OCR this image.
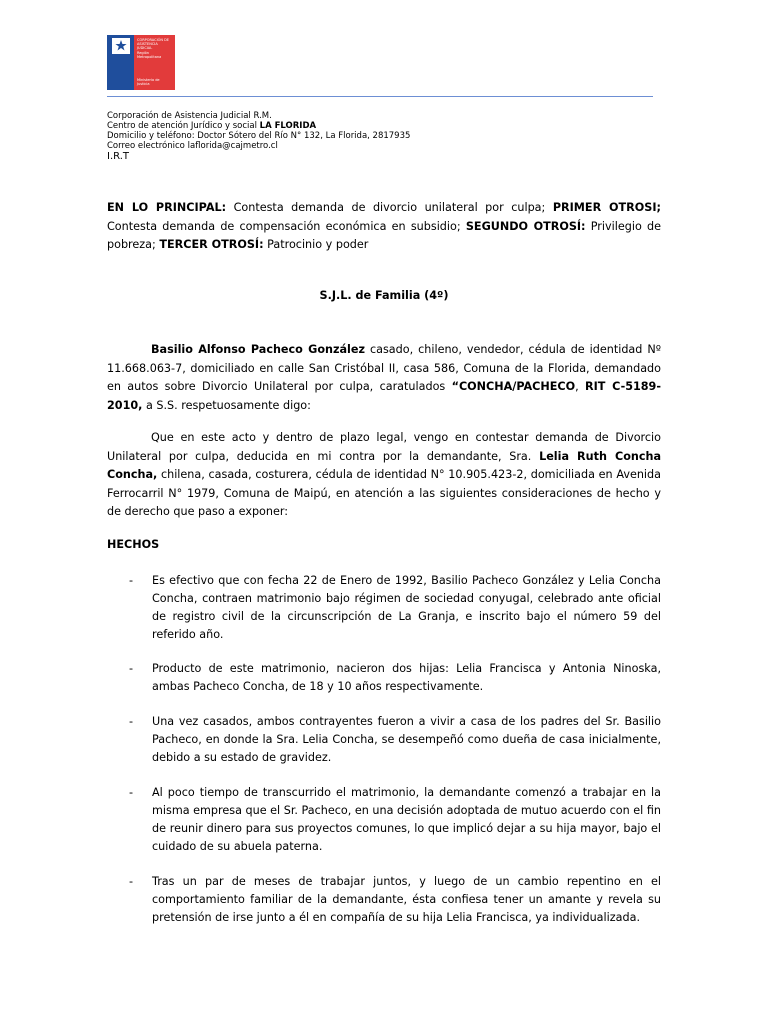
CORPORACIÓN DE ASISTENCIA JUDICIAL
Región Metropolitana
Ministerio de Justicia
Corporación de Asistencia Judicial R.M.
Centro de atención Jurídico y social LA FLORIDA
Domicilio y teléfono: Doctor Sótero del Río N° 132, La Florida, 2817935
Correo electrónico laflorida@cajmetro.cl
I.R.T
EN LO PRINCIPAL: Contesta demanda de divorcio unilateral por culpa; PRIMER OTROSI; Contesta demanda de compensación económica en subsidio; SEGUNDO OTROSÍ: Privilegio de pobreza; TERCER OTROSÍ: Patrocinio y poder
S.J.L. de Familia (4º)
Basilio Alfonso Pacheco González casado, chileno, vendedor, cédula de identidad Nº 11.668.063-7, domiciliado en calle San Cristóbal II, casa 586, Comuna de la Florida, demandado en autos sobre Divorcio Unilateral por culpa, caratulados “CONCHA/PACHECO, RIT C-5189-2010, a S.S. respetuosamente digo:
Que en este acto y dentro de plazo legal, vengo en contestar demanda de Divorcio Unilateral por culpa, deducida en mi contra por la demandante, Sra. Lelia Ruth Concha Concha, chilena, casada, costurera, cédula de identidad N° 10.905.423-2, domiciliada en Avenida Ferrocarril N° 1979, Comuna de Maipú, en atención a las siguientes consideraciones de hecho y de derecho que paso a exponer:
HECHOS
-	Es efectivo que con fecha 22 de Enero de 1992, Basilio Pacheco González y Lelia Concha Concha, contraen matrimonio bajo régimen de sociedad conyugal, celebrado ante oficial de registro civil de la circunscripción de La Granja, e inscrito bajo el número 59 del referido año.
-	Producto de este matrimonio, nacieron dos hijas: Lelia Francisca y Antonia Ninoska, ambas Pacheco Concha, de 18 y 10 años respectivamente.
-	Una vez casados, ambos contrayentes fueron a vivir a casa de los padres del Sr. Basilio Pacheco, en donde la Sra. Lelia Concha, se desempeñó como dueña de casa inicialmente, debido a su estado de gravidez.
-	Al poco tiempo de transcurrido el matrimonio, la demandante comenzó a trabajar en la misma empresa que el Sr. Pacheco, en una decisión adoptada de mutuo acuerdo con el fin de reunir dinero para sus proyectos comunes, lo que implicó dejar a su hija mayor, bajo el cuidado de su abuela paterna.
-	Tras un par de meses de trabajar juntos, y luego de un cambio repentino en el comportamiento familiar de la demandante, ésta confiesa tener un amante y revela su pretensión de irse junto a él en compañía de su hija Lelia Francisca, ya individualizada.
